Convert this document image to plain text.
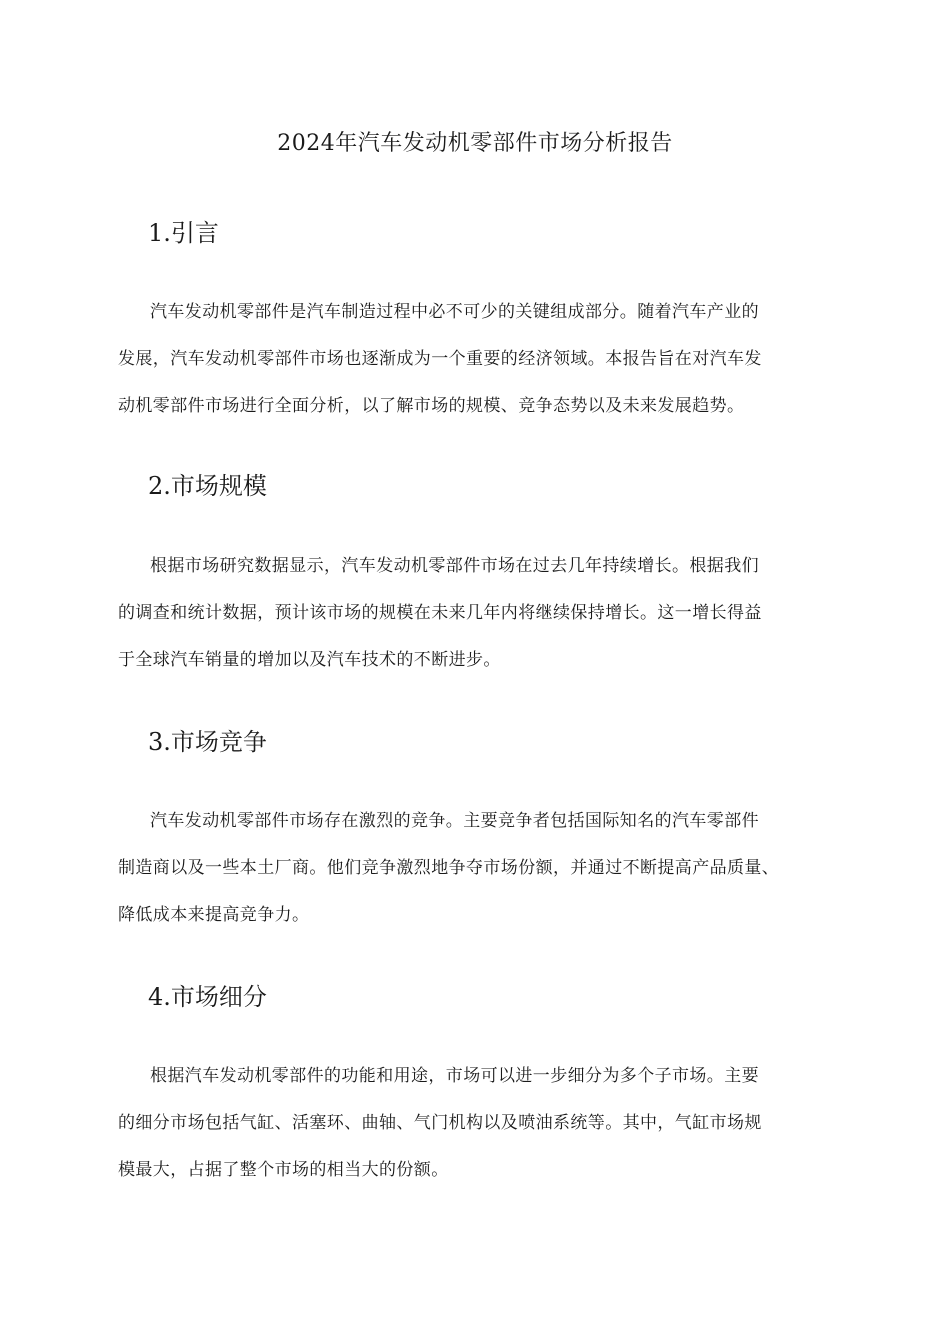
2024年汽车发动机零部件市场分析报告
1.引言
汽车发动机零部件是汽车制造过程中必不可少的关键组成部分。随着汽车产业的
发展，汽车发动机零部件市场也逐渐成为一个重要的经济领域。本报告旨在对汽车发
动机零部件市场进行全面分析，以了解市场的规模、竞争态势以及未来发展趋势。
2.市场规模
根据市场研究数据显示，汽车发动机零部件市场在过去几年持续增长。根据我们
的调查和统计数据，预计该市场的规模在未来几年内将继续保持增长。这一增长得益
于全球汽车销量的增加以及汽车技术的不断进步。
3.市场竞争
汽车发动机零部件市场存在激烈的竞争。主要竞争者包括国际知名的汽车零部件
制造商以及一些本土厂商。他们竞争激烈地争夺市场份额，并通过不断提高产品质量、
降低成本来提高竞争力。
4.市场细分
根据汽车发动机零部件的功能和用途，市场可以进一步细分为多个子市场。主要
的细分市场包括气缸、活塞环、曲轴、气门机构以及喷油系统等。其中，气缸市场规
模最大，占据了整个市场的相当大的份额。
